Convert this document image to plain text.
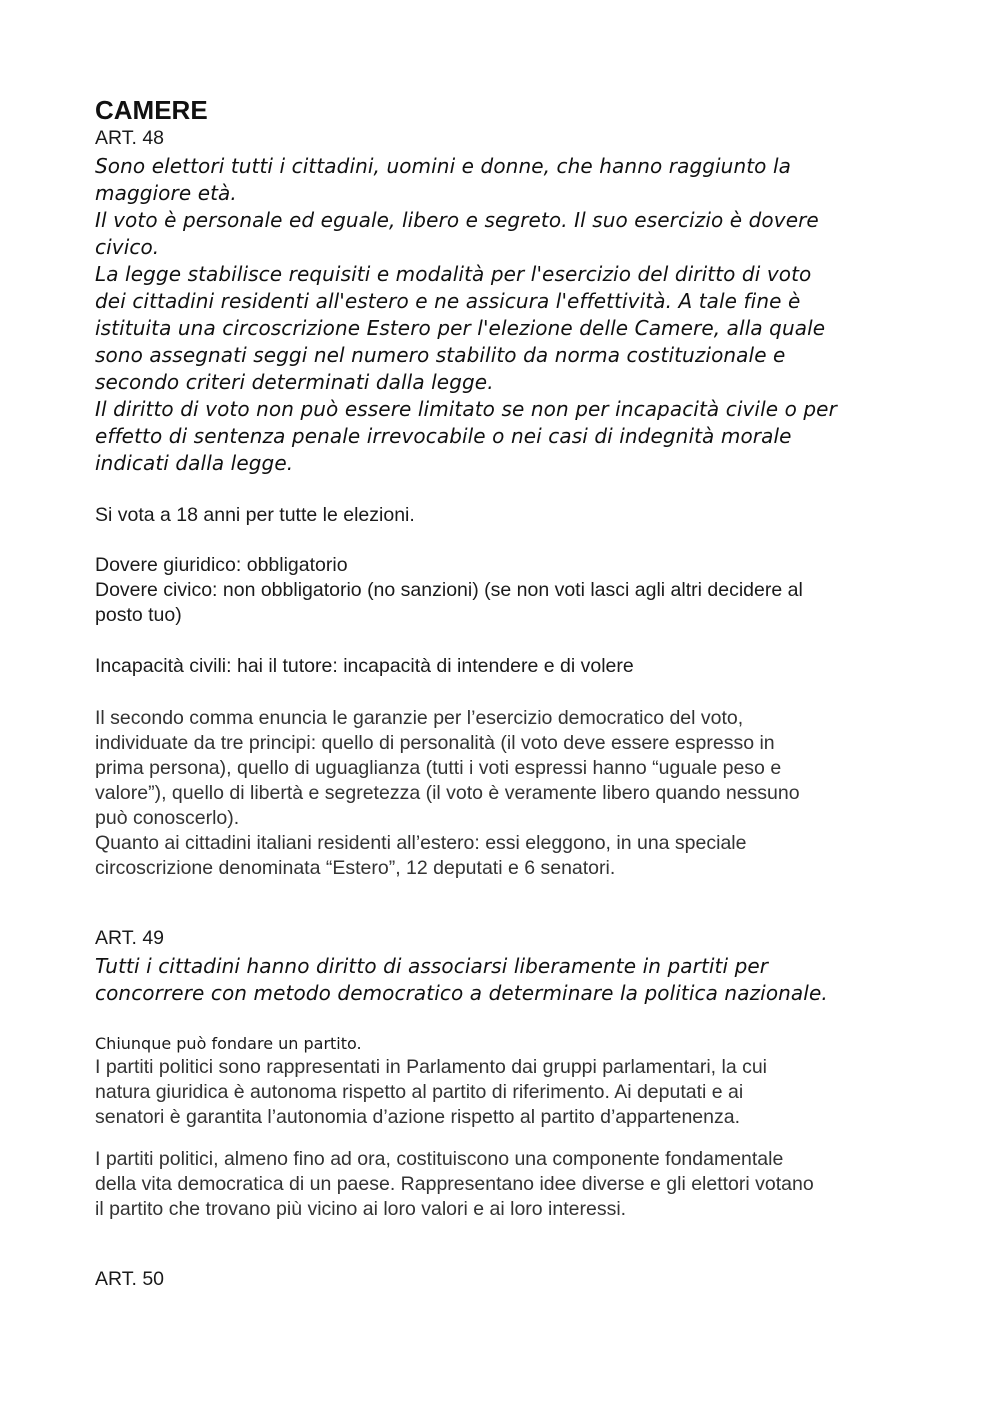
CAMERE

ART. 48

Sono elettori tutti i cittadini, uomini e donne, che hanno raggiunto la
maggiore età.
Il voto è personale ed eguale, libero e segreto. Il suo esercizio è dovere
civico.
La legge stabilisce requisiti e modalità per l'esercizio del diritto di voto
dei cittadini residenti all'estero e ne assicura l'effettività. A tale fine è
istituita una circoscrizione Estero per l'elezione delle Camere, alla quale
sono assegnati seggi nel numero stabilito da norma costituzionale e
secondo criteri determinati dalla legge.
Il diritto di voto non può essere limitato se non per incapacità civile o per
effetto di sentenza penale irrevocabile o nei casi di indegnità morale
indicati dalla legge.

Si vota a 18 anni per tutte le elezioni.

Dovere giuridico: obbligatorio
Dovere civico: non obbligatorio (no sanzioni) (se non voti lasci agli altri decidere al
posto tuo)

Incapacità civili: hai il tutore: incapacità di intendere e di volere

Il secondo comma enuncia le garanzie per l’esercizio democratico del voto,
individuate da tre principi: quello di personalità (il voto deve essere espresso in
prima persona), quello di uguaglianza (tutti i voti espressi hanno “uguale peso e
valore”), quello di libertà e segretezza (il voto è veramente libero quando nessuno
può conoscerlo).
Quanto ai cittadini italiani residenti all’estero: essi eleggono, in una speciale
circoscrizione denominata “Estero”, 12 deputati e 6 senatori.

ART. 49

Tutti i cittadini hanno diritto di associarsi liberamente in partiti per
concorrere con metodo democratico a determinare la politica nazionale.

Chiunque può fondare un partito.

I partiti politici sono rappresentati in Parlamento dai gruppi parlamentari, la cui
natura giuridica è autonoma rispetto al partito di riferimento. Ai deputati e ai
senatori è garantita l’autonomia d’azione rispetto al partito d’appartenenza.
I partiti politici, almeno fino ad ora, costituiscono una componente fondamentale
della vita democratica di un paese. Rappresentano idee diverse e gli elettori votano
il partito che trovano più vicino ai loro valori e ai loro interessi.

ART. 50
